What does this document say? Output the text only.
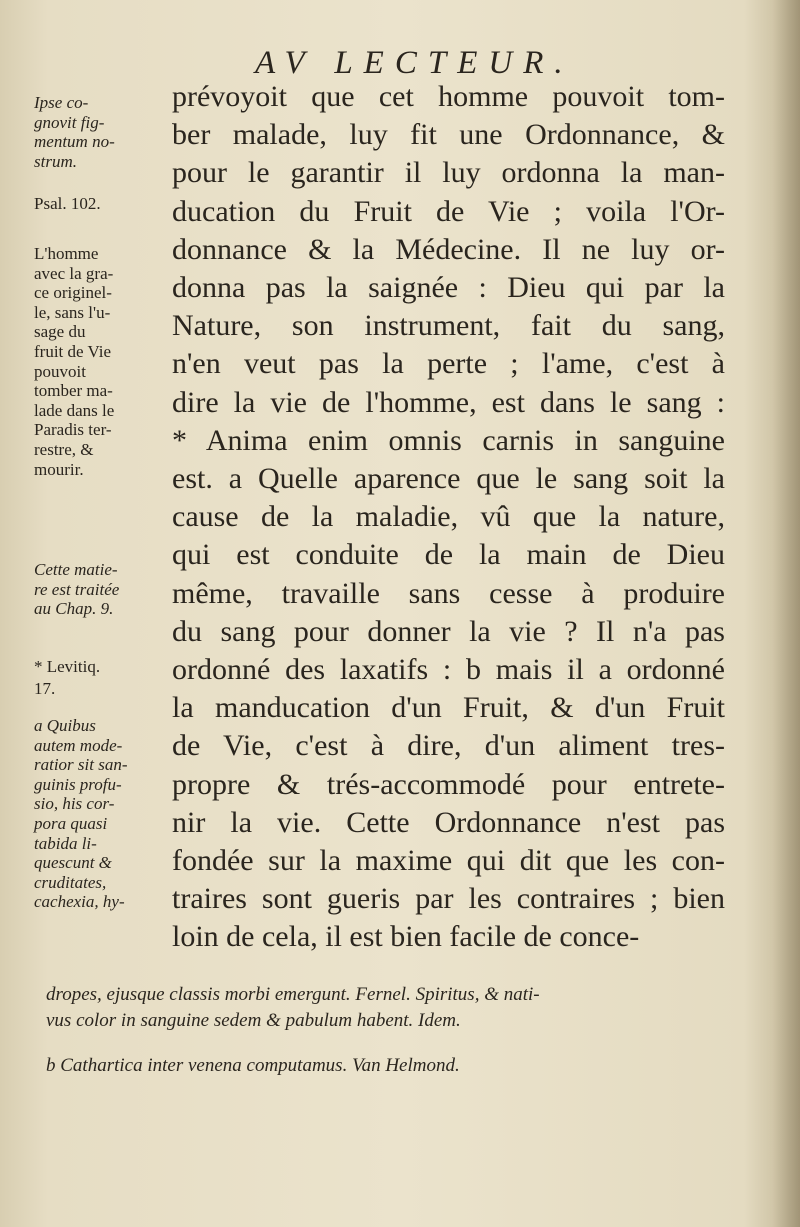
AV LECTEUR.
prévoyoit que cet homme pouvoit tom-
ber malade, luy fit une Ordonnance, &
pour le garantir il luy ordonna la man-
ducation du Fruit de Vie ; voila l'Or-
donnance & la Médecine. Il ne luy or-
donna pas la saignée : Dieu qui par la
Nature, son instrument, fait du sang,
n'en veut pas la perte ; l'ame, c'est à
dire la vie de l'homme, est dans le sang :
* Anima enim omnis carnis in sanguine
est. a Quelle aparence que le sang soit la
cause de la maladie, vû que la nature,
qui est conduite de la main de Dieu
même, travaille sans cesse à produire
du sang pour donner la vie ? Il n'a pas
ordonné des laxatifs : b mais il a ordonné
la manducation d'un Fruit, & d'un Fruit
de Vie, c'est à dire, d'un aliment tres-
propre & trés-accommodé pour entrete-
nir la vie. Cette Ordonnance n'est pas
fondée sur la maxime qui dit que les con-
traires sont gueris par les contraires ; bien
loin de cela, il est bien facile de conce-
Ipse co-
gnovit fig-
mentum no-
strum.
Psal. 102.
L'homme
avec la gra-
ce originel-
le, sans l'u-
sage du
fruit de Vie
pouvoit
tomber ma-
lade dans le
Paradis ter-
restre, &
mourir.
Cette matie-
re est traitée
au Chap. 9.
* Levitiq.
17.
a Quibus
autem mode-
ratior sit san-
guinis profu-
sio, his cor-
pora quasi
tabida li-
quescunt &
cruditates,
cachexia, hy-
dropes, ejusque classis morbi emergunt. Fernel. Spiritus, & nati-
vus color in sanguine sedem & pabulum habent. Idem.
b Cathartica inter venena computamus. Van Helmond.
